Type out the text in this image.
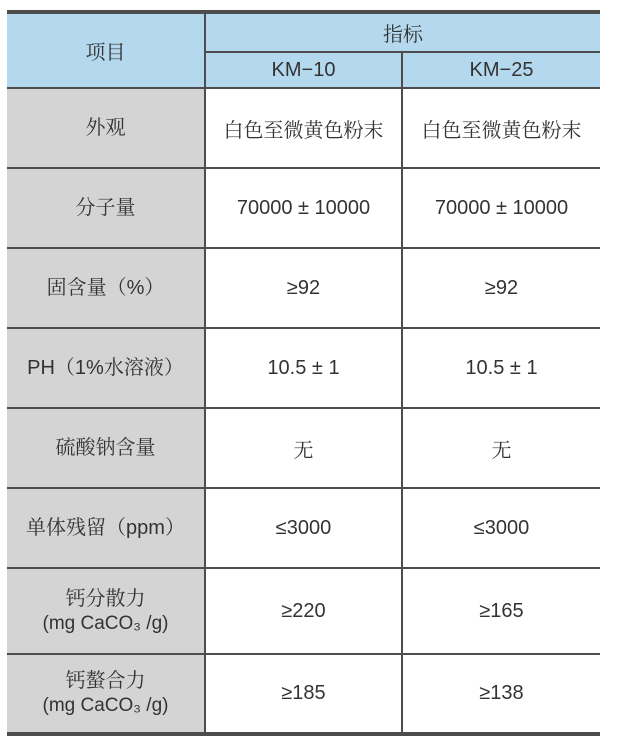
项目	指标	
	KM−10	KM−25

外观	白色至微黄色粉末	白色至微黄色粉末

分子量	70000 ± 10000	70000 ± 10000

固含量（%）	≥92	≥92

PH（1%水溶液）	10.5 ± 1	10.5 ± 1

硫酸钠含量	无	无

单体残留（ppm）	≤3000	≤3000

钙分散力
(mg CaCO₃ /g)	≥220	≥165

钙螯合力
(mg CaCO₃ /g)	≥185	≥138
